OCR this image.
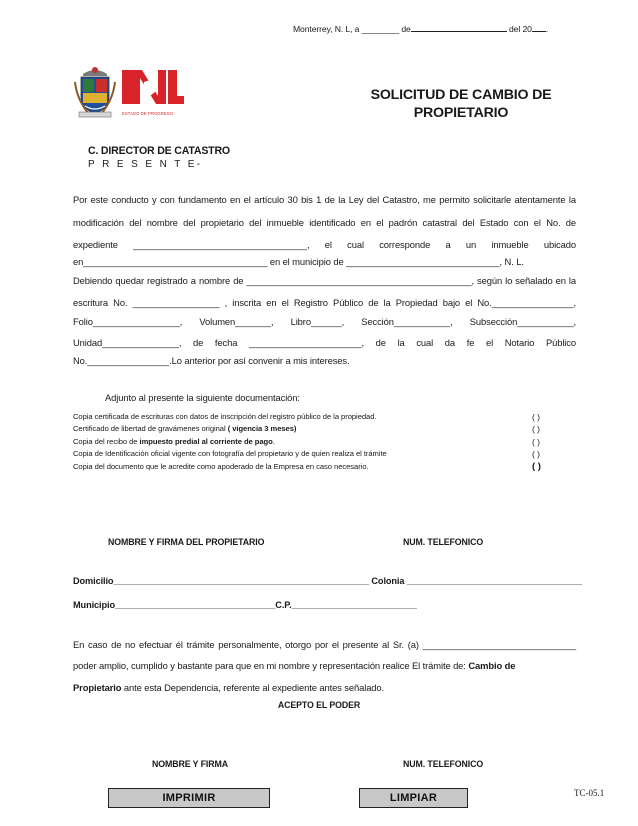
Monterrey, N. L, a ________ de	del 20 .
ESTADO DE PROGRESO
SOLICITUD DE CAMBIO DE
PROPIETARIO
C. DIRECTOR DE CATASTRO
P R E S E N T E-
Por este conducto y con fundamento en el artículo 30 bis 1 de la Ley del Catastro, me permito solicitarle atentamente la
modificación del nombre del propietario del inmueble identificado en el padrón catastral del Estado con el No. de
expediente __________________________________, el cual corresponde a un inmueble ubicado
en____________________________________ en el municipio de ______________________________, N. L.
Debiendo quedar registrado a nombre de ____________________________________________, según lo señalado en la
escritura No. _________________ , inscrita en el Registro Público de la Propiedad bajo el No.________________,
Folio_________________, Volumen_______, Libro______, Sección___________, Subsección___________,
Unidad_______________, de fecha ______________________, de la cual da fe el Notario Público
No.________________.Lo anterior por así convenir a mis intereses.
Adjunto al presente la siguiente documentación:
Copia certificada de escrituras con datos de inscripción del registro público de la propiedad.	( )
Certificado de libertad de gravámenes original ( vigencia 3 meses)	( )
Copia del recibo de impuesto predial al corriente de pago.	( )
Copia de Identificación oficial vigente con fotografía del propietario y de quien realiza el trámite	( )
Copia del documento que le acredite como apoderado de la Empresa en caso necesario.	( )
NOMBRE Y FIRMA DEL PROPIETARIO	NUM. TELEFONICO
Domicilio___________________________________________________ Colonia ___________________________________
Municipio________________________________C.P._________________________
En caso de no efectuar él trámite personalmente, otorgo por el presente al Sr. (a) ______________________________
poder amplio, cumplido y bastante para que en mi nombre y representación realice El trámite de: Cambio de
Propietario ante esta Dependencia, referente al expediente antes señalado.
ACEPTO EL PODER
NOMBRE Y FIRMA	NUM. TELEFONICO
TC-05.1
IMPRIMIR	LIMPIAR
